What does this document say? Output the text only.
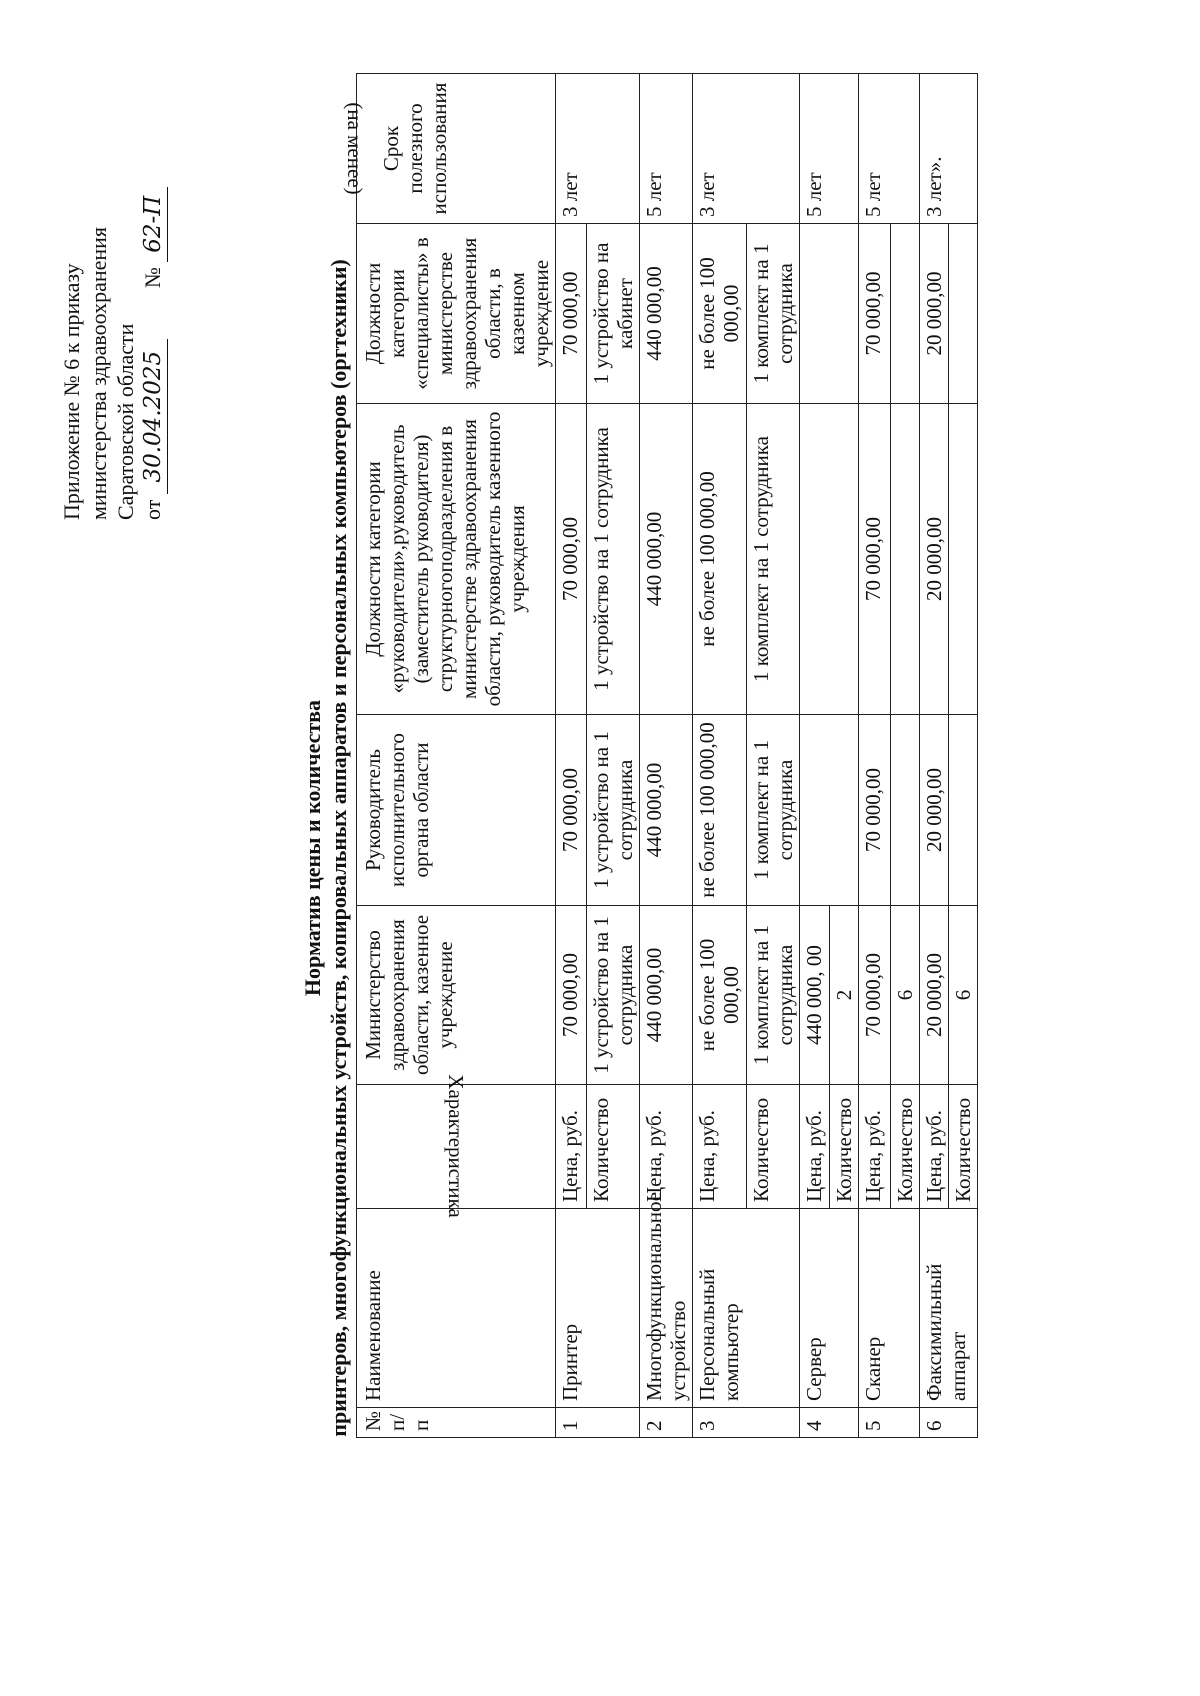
Приложение № 6 к приказу министерства здравоохранения Саратовской области от 30.04.2025  № 62-П
Норматив цены и количества принтеров, многофункциональных устройств, копировальных аппаратов и персональных компьютеров (оргтехники) № п/п	Наименование	Характеристика	Министерство здравоохранения области, казенное учреждение	Руководитель исполнительного органа области	Должности категории «руководители»,руководитель (заместитель руководителя) структурногоподразделения в министерстве здравоохранения области, руководитель казенного учреждения	Должности категории «специалисты» в министерстве здравоохранения области, в казенном учреждение	(на менее) Срок полезного использования

1	Принтер	Цена, руб.	70 000,00	70 000,00	70 000,00	70 000,00	3 лет
		Количество	1 устройство на 1 сотрудника	1 устройство на 1 сотрудника	1 устройство на 1 сотрудника	1 устройство на кабинет	
2	Многофункциональное устройство	Цена, руб.	440 000,00	440 000,00	440 000,00	440 000,00	5 лет
3	Персональный компьютер	Цена, руб.	не более 100 000,00	не более 100 000,00	не более 100 000,00	не более 100 000,00	3 лет
		Количество	1 комплект на 1 сотрудника	1 комплект на 1 сотрудника	1 комплект на 1 сотрудника	1 комплект на 1 сотрудника	
4	Сервер	Цена, руб.	440 000, 00				5 лет
		Количество	2				
5	Сканер	Цена, руб.	70 000,00	70 000,00	70 000,00	70 000,00	5 лет
		Количество	6				
6	Факсимильный аппарат	Цена, руб.	20 000,00	20 000,00	20 000,00	20 000,00	3 лет».
		Количество	6				
